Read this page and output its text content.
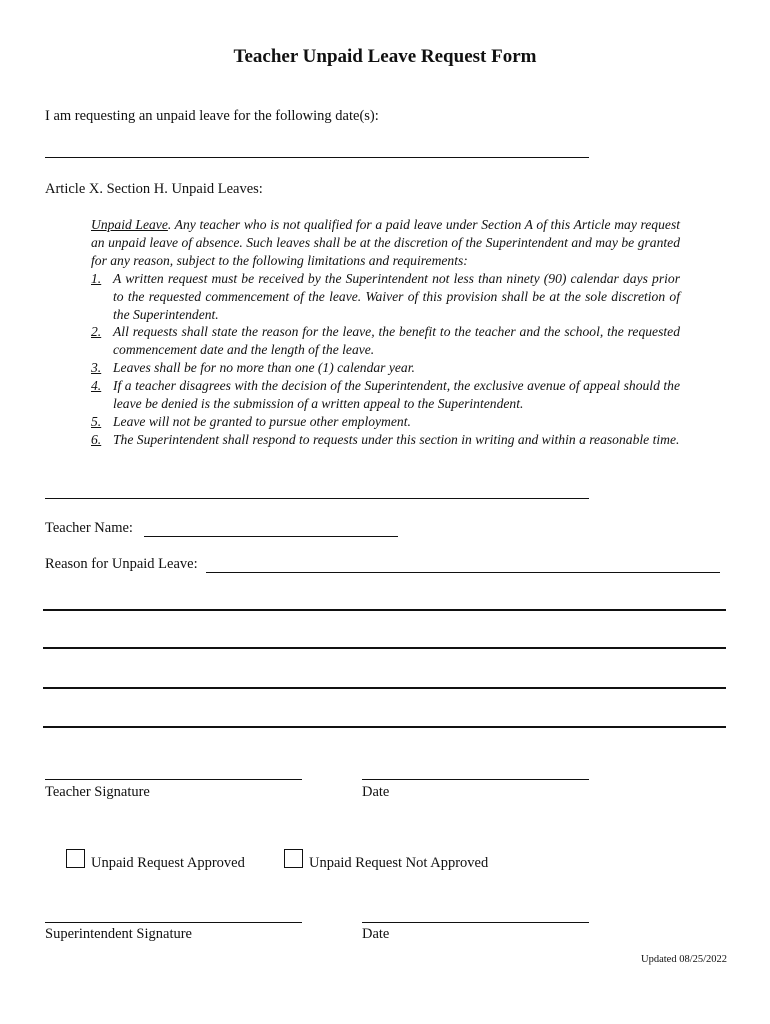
Teacher Unpaid Leave Request Form
I am requesting an unpaid leave for the following date(s):
Article X. Section H. Unpaid Leaves:

Unpaid Leave. Any teacher who is not qualified for a paid leave under Section A of this Article may request an unpaid leave of absence. Such leaves shall be at the discretion of the Superintendent and may be granted for any reason, subject to the following limitations and requirements:

1. A written request must be received by the Superintendent not less than ninety (90) calendar days prior to the requested commencement of the leave. Waiver of this provision shall be at the sole discretion of the Superintendent.
2. All requests shall state the reason for the leave, the benefit to the teacher and the school, the requested commencement date and the length of the leave.
3. Leaves shall be for no more than one (1) calendar year.
4. If a teacher disagrees with the decision of the Superintendent, the exclusive avenue of appeal should the leave be denied is the submission of a written appeal to the Superintendent.
5. Leave will not be granted to pursue other employment.
6. The Superintendent shall respond to requests under this section in writing and within a reasonable time.
Teacher Name:
Reason for Unpaid Leave:
Teacher Signature	Date
Unpaid Request Approved	Unpaid Request Not Approved
Superintendent Signature	Date
Updated 08/25/2022
